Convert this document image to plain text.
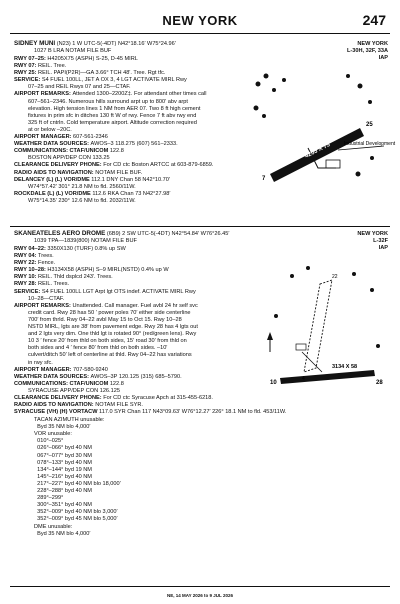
NEW YORK	247
SIDNEY MUNI (N23) 1 W UTC-5(-4DT) N42°18.16′ W75°24.96′
1027 B LRA NOTAM FILE BUF
NEW YORK
L-30H, 32F, 33A
IAP
RWY 07–25: H4205X75 (ASPH) S-25, D-45 MIRL
RWY 07: REIL. Tree.
RWY 25: REIL. PAPI(P2R)—GA 3.66° TCH 48′. Tree. Rgt tfc.
SERVICE: S4 FUEL 100LL, JET A OX 3, 4 LGT ACTIVATE MIRL Rwy
07–25 and REIL Rwys 07 and 25—CTAF.
AIRPORT REMARKS: Attended 1300–2200Z‡. For attendant other times call
607–561–2346. Numerous hills surround arpt up to 800′ abv arpt
elevation. High tension lines 1 NM from AER 07. Two 8 ft high cement
fixtures in prim sfc in ditches 130 ft W of rwy. Fence 7 ft abv rwy end
325 ft of cntrln. Cold temperature airport. Altitude correction required
at or below –20C.
AIRPORT MANAGER: 607-561-2346
WEATHER DATA SOURCES: AWOS–3 118.275 (607) 561–2333.
COMMUNICATIONS: CTAF/UNICOM 122.8
BOSTON APP/DEP CON 133.25
CLEARANCE DELIVERY PHONE: For CD ctc Boston ARTCC at 603-879-6859.
RADIO AIDS TO NAVIGATION: NOTAM FILE BUF.
DELANCEY (L) (L) VOR/DME 112.1 DNY Chan 58 N42°10.70′
W74°57.42′ 301° 21.8 NM to fld. 2560/11W.
ROCKDALE (L) (L) VOR/DME 112.6 RKA Chan 73 N42°27.98′
W75°14.35′ 230° 12.6 NM to fld. 2032/11W.
Industrial Development
4205 X 75
7
25
SKANEATELES AERO DROME (6B9) 2 SW UTC-5(-4DT) N42°54.84′ W76°26.45′
1039 TPA—1839(800) NOTAM FILE BUF
NEW YORK
L-32F
IAP
RWY 04–22: 3350X130 (TURF) 0.8% up SW
RWY 04: Trees.
RWY 22: Fence.
RWY 10–28: H3134X58 (ASPH) S–9 MIRL(NSTD) 0.4% up W
RWY 10: REIL. Thld dsplcd 243′. Trees.
RWY 28: REIL. Trees.
SERVICE: S4 FUEL 100LL LGT Arpt lgt OTS indef. ACTIVATE MIRL Rwy
10–28—CTAF.
AIRPORT REMARKS: Unattended. Call manager. Fuel avbl 24 hr self svc
credit card. Rwy 28 has 50 ′ power poles 70′ either side centerline
700′ from thrld. Rwy 04–22 avbl May 15 to Oct 15. Rwy 10–28
NSTD MIRL, lgts are 38′ from pavement edge. Rwy 28 has 4 lgts out
and 2 lgts very dim. One thld lgt is rotated 90° (red/green lens). Rwy
10 3 ′ fence 20′ from thld on both sides, 15′ road 30′ from thld on
both sides and 4 ′ fence 80′ from thld on both sides. –10′
culvert/ditch 50′ left of centerline at thld. Rwy 04–22 has variations
in rwy sfc.
AIRPORT MANAGER: 707-580-9240
WEATHER DATA SOURCES: AWOS–3P 120.125 (315) 685–5790.
COMMUNICATIONS: CTAF/UNICOM 122.8
SYRACUSE APP/DEP CON 126.125
CLEARANCE DELIVERY PHONE: For CD ctc Syracuse Apch at 315-455-6218.
RADIO AIDS TO NAVIGATION: NOTAM FILE SYR.
SYRACUSE (VH) (H) VORTACW 117.0 SYR Chan 117 N43°09.63′ W76°12.27′ 226° 18.1 NM to fld. 453/11W.
TACAN AZIMUTH unusable:
Byd 35 NM blo 4,000′
VOR unusable:
010°–025°
026°–066° byd 40 NM
067°–077° byd 30 NM
078°–133° byd 40 NM
134°–144° byd 19 NM
145°–216° byd 40 NM
217°–227° byd 40 NM blo 18,000′
228°–288° byd 40 NM
289°–299°
300°–351° byd 40 NM
352°–009° byd 40 NM blo 3,000′
352°–009° byd 45 NM blo 5,000′
DME unusable:
Byd 35 NM blo 4,000′
3134 X 58
10	28
4
22
NE, 14 MAY 2026 to 9 JUL 2026
